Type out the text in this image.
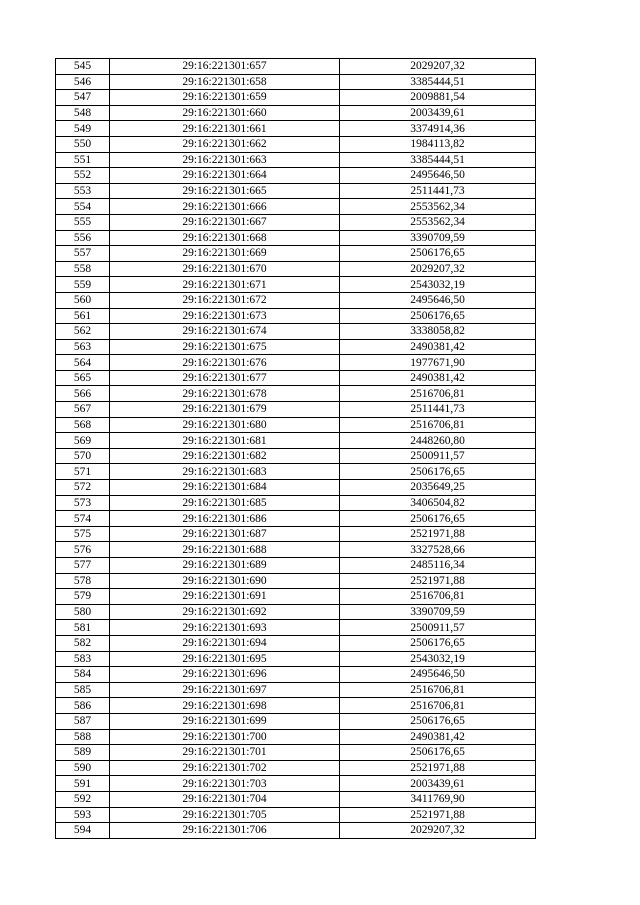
545	29:16:221301:657	2029207,32
546	29:16:221301:658	3385444,51
547	29:16:221301:659	2009881,54
548	29:16:221301:660	2003439,61
549	29:16:221301:661	3374914,36
550	29:16:221301:662	1984113,82
551	29:16:221301:663	3385444,51
552	29:16:221301:664	2495646,50
553	29:16:221301:665	2511441,73
554	29:16:221301:666	2553562,34
555	29:16:221301:667	2553562,34
556	29:16:221301:668	3390709,59
557	29:16:221301:669	2506176,65
558	29:16:221301:670	2029207,32
559	29:16:221301:671	2543032,19
560	29:16:221301:672	2495646,50
561	29:16:221301:673	2506176,65
562	29:16:221301:674	3338058,82
563	29:16:221301:675	2490381,42
564	29:16:221301:676	1977671,90
565	29:16:221301:677	2490381,42
566	29:16:221301:678	2516706,81
567	29:16:221301:679	2511441,73
568	29:16:221301:680	2516706,81
569	29:16:221301:681	2448260,80
570	29:16:221301:682	2500911,57
571	29:16:221301:683	2506176,65
572	29:16:221301:684	2035649,25
573	29:16:221301:685	3406504,82
574	29:16:221301:686	2506176,65
575	29:16:221301:687	2521971,88
576	29:16:221301:688	3327528,66
577	29:16:221301:689	2485116,34
578	29:16:221301:690	2521971,88
579	29:16:221301:691	2516706,81
580	29:16:221301:692	3390709,59
581	29:16:221301:693	2500911,57
582	29:16:221301:694	2506176,65
583	29:16:221301:695	2543032,19
584	29:16:221301:696	2495646,50
585	29:16:221301:697	2516706,81
586	29:16:221301:698	2516706,81
587	29:16:221301:699	2506176,65
588	29:16:221301:700	2490381,42
589	29:16:221301:701	2506176,65
590	29:16:221301:702	2521971,88
591	29:16:221301:703	2003439,61
592	29:16:221301:704	3411769,90
593	29:16:221301:705	2521971,88
594	29:16:221301:706	2029207,32
